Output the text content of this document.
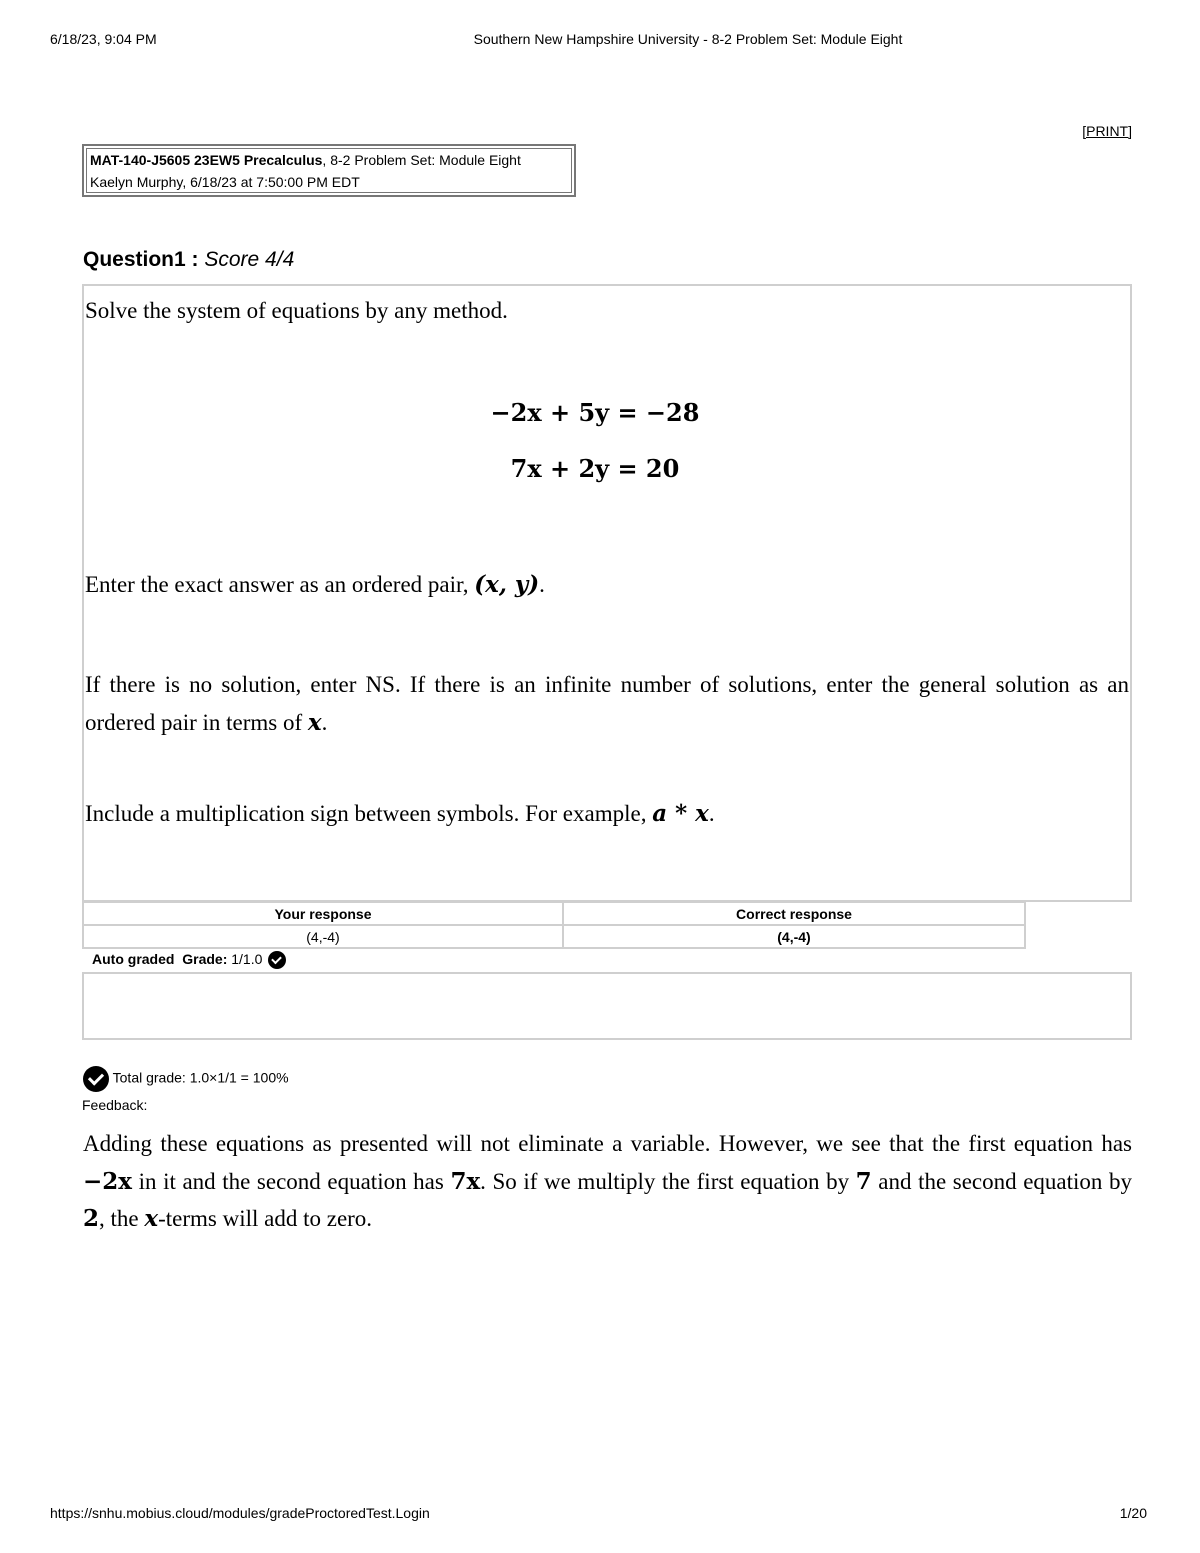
6/18/23, 9:04 PM	Southern New Hampshire University - 8-2 Problem Set: Module Eight
[PRINT]
MAT-140-J5605 23EW5 Precalculus, 8-2 Problem Set: Module Eight
Kaelyn Murphy, 6/18/23 at 7:50:00 PM EDT
Question1 : Score 4/4
Solve the system of equations by any method.
−2x + 5y = −28
7x + 2y = 20
Enter the exact answer as an ordered pair, (x, y).
If there is no solution, enter NS. If there is an infinite number of solutions, enter the general solution as an ordered pair in terms of x.
Include a multiplication sign between symbols. For example, a * x.
Your response	Correct response
(4,-4)	(4,-4)
Auto graded Grade: 1/1.0
Total grade: 1.0×1/1 = 100%
Feedback:
Adding these equations as presented will not eliminate a variable. However, we see that the first equation has −2x in it and the second equation has 7x. So if we multiply the first equation by 7 and the second equation by 2, the x-terms will add to zero.
https://snhu.mobius.cloud/modules/gradeProctoredTest.Login	1/20
